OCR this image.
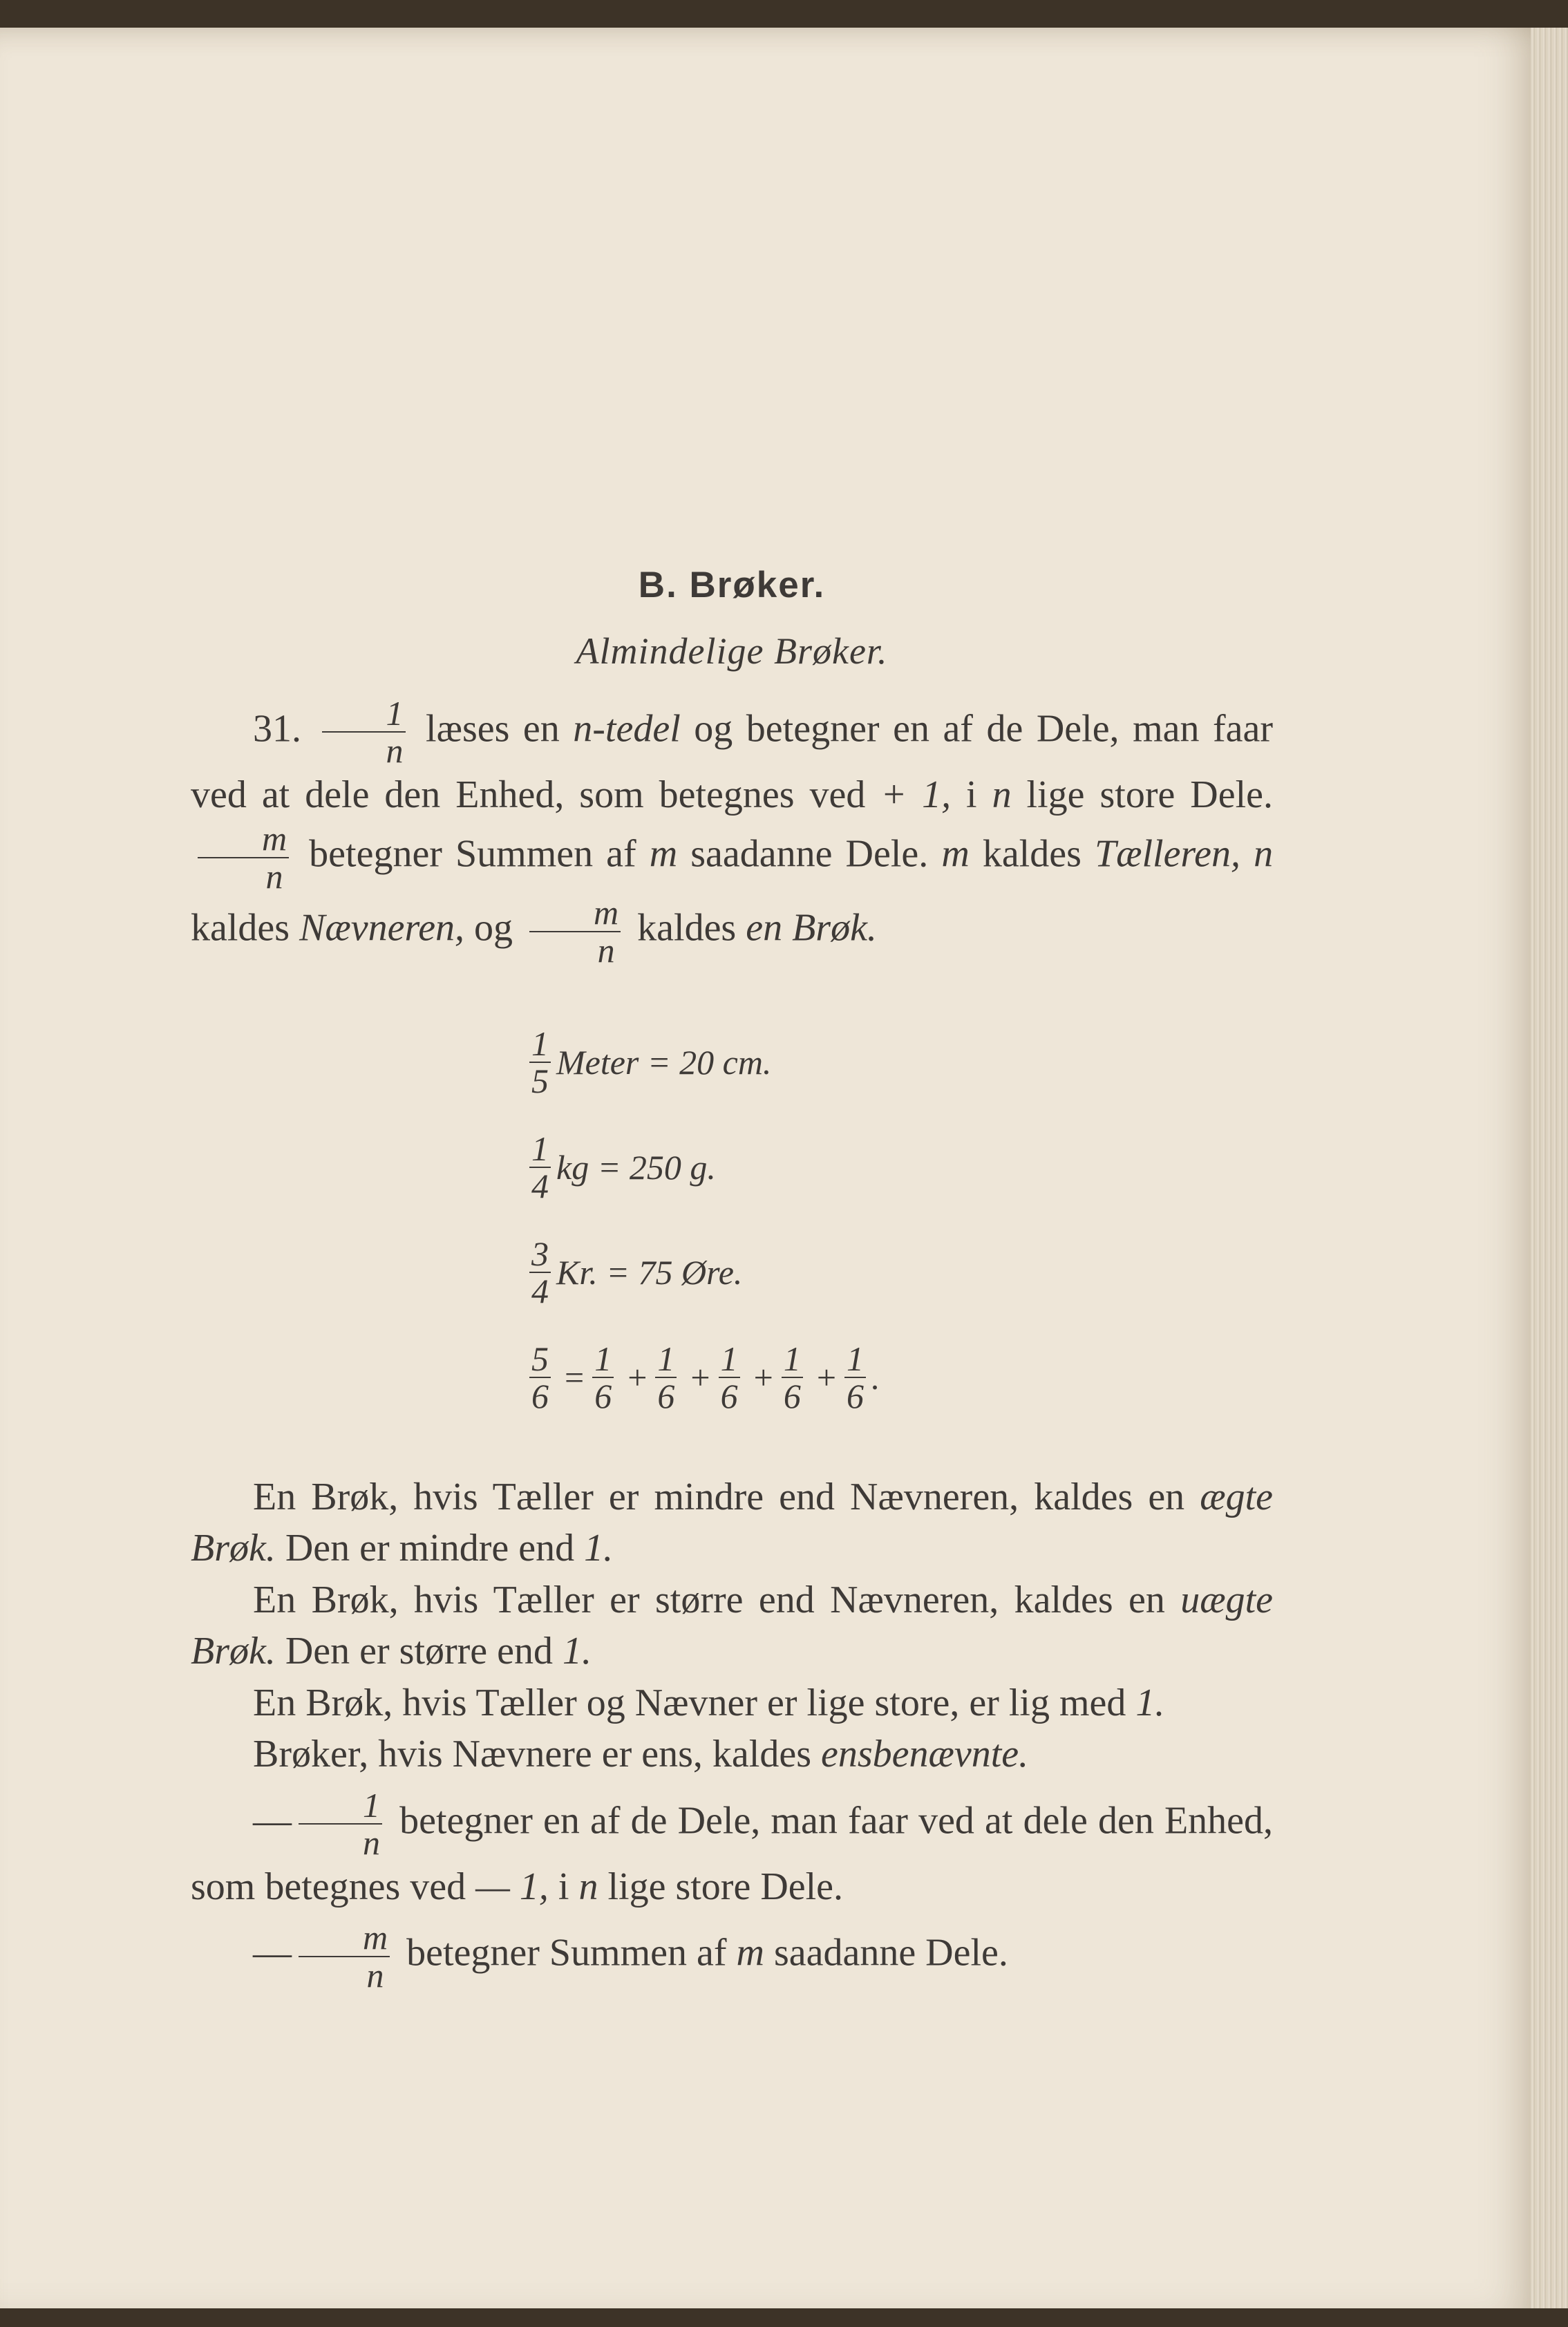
B. Brøker.
Almindelige Brøker.

31. $\frac{1}{n}$ læses en n-tedel og betegner en af de Dele, man faar ved at dele den Enhed, som betegnes ved + 1, i n lige store Dele.
$\frac{m}{n}$ betegner Summen af m saadanne Dele. m kaldes Tælleren, n kaldes Nævneren, og $\frac{m}{n}$ kaldes en Brøk.

$\frac{1}{5}$ Meter = 20 cm.
$\frac{1}{4}$ kg = 250 g.
$\frac{3}{4} Kr$. = 75 Øre.
$\frac{5}{6} = \frac{1}{6} + \frac{1}{6} + \frac{1}{6} + \frac{1}{6} + \frac{1}{6}$ .

En Brøk, hvis Tæller er mindre end Nævneren, kaldes en ægte Brøk. Den er mindre end 1.

En Brøk, hvis Tæller er større end Nævneren, kaldes en uægte Brøk. Den er større end 1.

En Brøk, hvis Tæller og Nævner er lige store, er lig med 1.

Brøker, hvis Nævnere er ens, kaldes ensbenævnte.

— $\frac{1}{n}$ betegner en af de Dele, man faar ved at dele den Enhed, som betegnes ved — 1, i n lige store Dele.

— $\frac{m}{n}$ betegner Summen af m saadanne Dele.
